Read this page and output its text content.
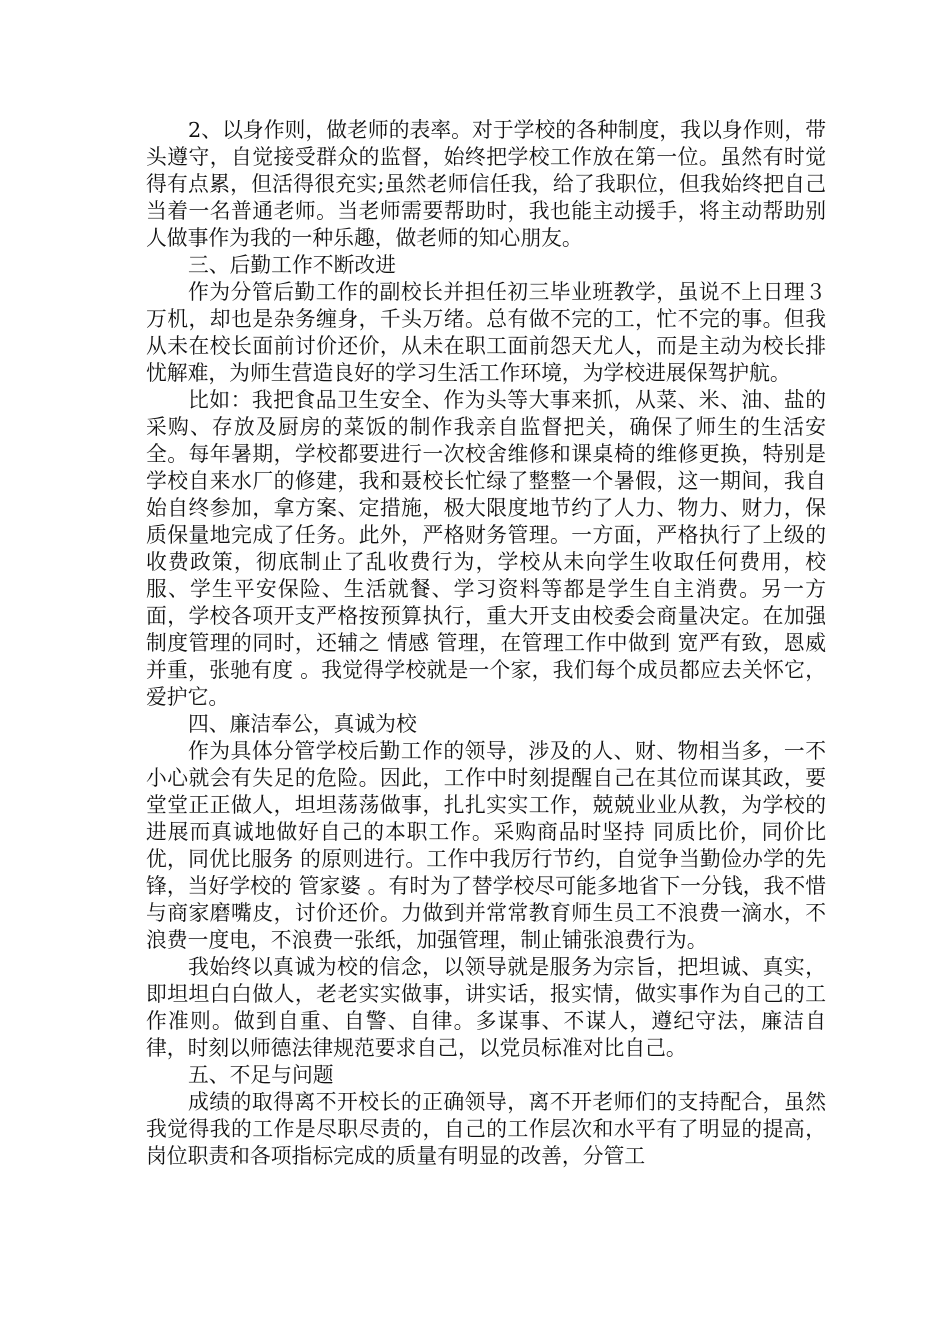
2、以身作则，做老师的表率。对于学校的各种制度，我以身作则，带头遵守，自觉接受群众的监督，始终把学校工作放在第一位。虽然有时觉得有点累，但活得很充实;虽然老师信任我，给了我职位，但我始终把自己当着一名普通老师。当老师需要帮助时，我也能主动援手，将主动帮助别人做事作为我的一种乐趣，做老师的知心朋友。

三、后勤工作不断改进

作为分管后勤工作的副校长并担任初三毕业班教学，虽说不上日理３万机，却也是杂务缠身，千头万绪。总有做不完的工，忙不完的事。但我从未在校长面前讨价还价，从未在职工面前怨天尤人，而是主动为校长排忧解难，为师生营造良好的学习生活工作环境，为学校进展保驾护航。

比如：我把食品卫生安全、作为头等大事来抓，从菜、米、油、盐的采购、存放及厨房的菜饭的制作我亲自监督把关，确保了师生的生活安全。每年暑期，学校都要进行一次校舍维修和课桌椅的维修更换，特别是学校自来水厂的修建，我和聂校长忙绿了整整一个暑假，这一期间，我自始自终参加，拿方案、定措施，极大限度地节约了人力、物力、财力，保质保量地完成了任务。此外，严格财务管理。一方面，严格执行了上级的收费政策，彻底制止了乱收费行为，学校从未向学生收取任何费用，校服、学生平安保险、生活就餐、学习资料等都是学生自主消费。另一方面，学校各项开支严格按预算执行，重大开支由校委会商量决定。在加强制度管理的同时，还辅之 情感 管理，在管理工作中做到 宽严有致，恩威并重，张驰有度 。我觉得学校就是一个家，我们每个成员都应去关怀它，爱护它。

四、廉洁奉公，真诚为校

作为具体分管学校后勤工作的领导，涉及的人、财、物相当多，一不小心就会有失足的危险。因此，工作中时刻提醒自己在其位而谋其政，要堂堂正正做人，坦坦荡荡做事，扎扎实实工作，兢兢业业从教，为学校的进展而真诚地做好自己的本职工作。采购商品时坚持 同质比价，同价比优，同优比服务 的原则进行。工作中我厉行节约，自觉争当勤俭办学的先锋，当好学校的 管家婆 。有时为了替学校尽可能多地省下一分钱，我不惜与商家磨嘴皮，讨价还价。力做到并常常教育师生员工不浪费一滴水，不浪费一度电，不浪费一张纸，加强管理，制止铺张浪费行为。

我始终以真诚为校的信念，以领导就是服务为宗旨，把坦诚、真实，即坦坦白白做人，老老实实做事，讲实话，报实情，做实事作为自己的工作准则。做到自重、自警、自律。多谋事、不谋人，遵纪守法，廉洁自律，时刻以师德法律规范要求自己，以党员标准对比自己。

五、不足与问题

成绩的取得离不开校长的正确领导，离不开老师们的支持配合，虽然我觉得我的工作是尽职尽责的，自己的工作层次和水平有了明显的提高，岗位职责和各项指标完成的质量有明显的改善，分管工
